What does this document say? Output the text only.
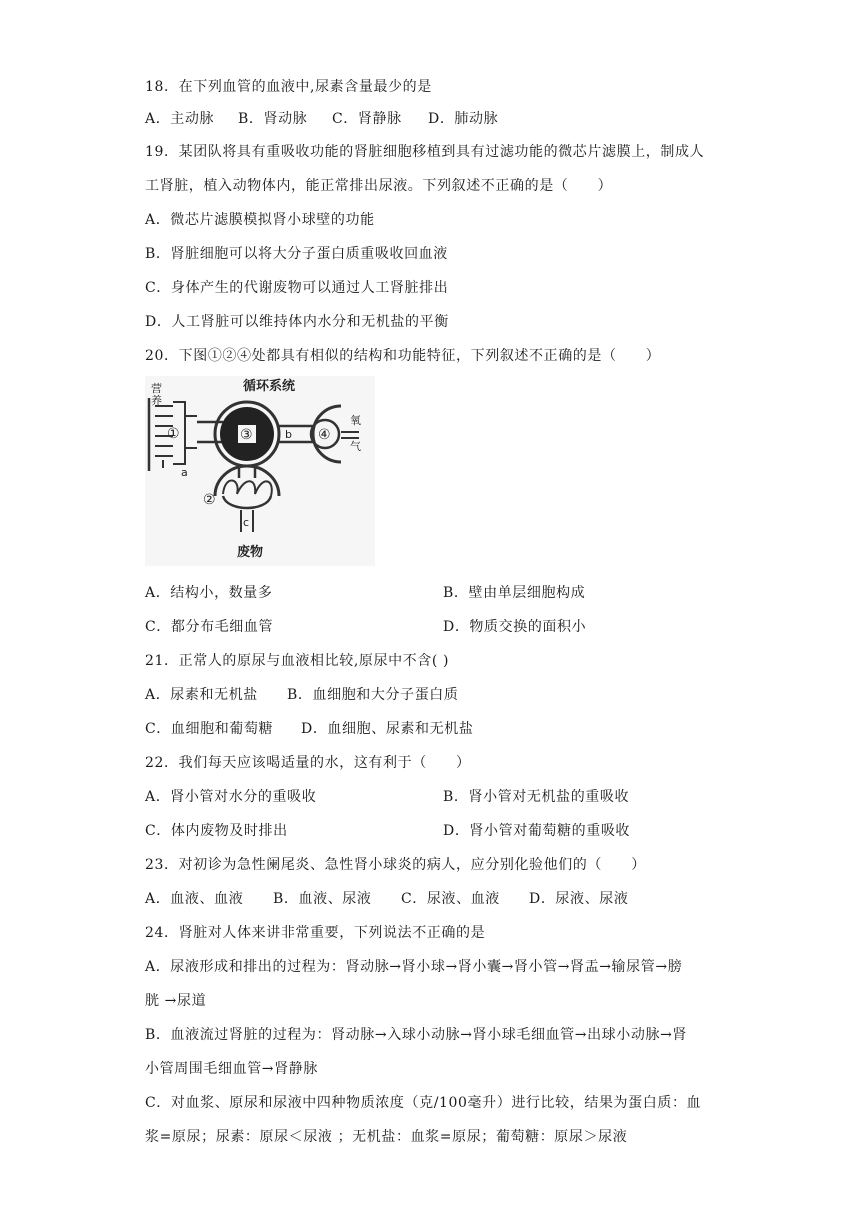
18．在下列血管的血液中,尿素含量最少的是
A．主动脉 B．肾动脉 C．肾静脉 D．肺动脉
19．某团队将具有重吸收功能的肾脏细胞移植到具有过滤功能的微芯片滤膜上，制成人
工肾脏，植入动物体内，能正常排出尿液。下列叙述不正确的是（　　）
A．微芯片滤膜模拟肾小球壁的功能
B．肾脏细胞可以将大分子蛋白质重吸收回血液
C．身体产生的代谢废物可以通过人工肾脏排出
D．人工肾脏可以维持体内水分和无机盐的平衡
20．下图①②④处都具有相似的结构和功能特征，下列叙述不正确的是（　　）
循环系统
营
养
氧
气
废物
①
②
③	④
a
b
c
A．结构小，数量多	B．壁由单层细胞构成
C．都分布毛细血管	D．物质交换的面积小
21．正常人的原尿与血液相比较,原尿中不含( )
A．尿素和无机盐 B．血细胞和大分子蛋白质
C．血细胞和葡萄糖 D．血细胞、尿素和无机盐
22．我们每天应该喝适量的水，这有利于（　　）
A．肾小管对水分的重吸收	B．肾小管对无机盐的重吸收
C．体内废物及时排出	D．肾小管对葡萄糖的重吸收
23．对初诊为急性阑尾炎、急性肾小球炎的病人，应分别化验他们的（　　）
A．血液、血液 B．血液、尿液 C．尿液、血液 D．尿液、尿液
24．肾脏对人体来讲非常重要，下列说法不正确的是
A．尿液形成和排出的过程为：肾动脉→肾小球→肾小囊→肾小管→肾盂→输尿管→膀
胱 →尿道
B．血液流过肾脏的过程为：肾动脉→入球小动脉→肾小球毛细血管→出球小动脉→肾
小管周围毛细血管→肾静脉
C．对血浆、原尿和尿液中四种物质浓度（克/100毫升）进行比较，结果为蛋白质：血
浆=原尿；尿素：原尿＜尿液 ；无机盐：血浆=原尿；葡萄糖：原尿＞尿液
